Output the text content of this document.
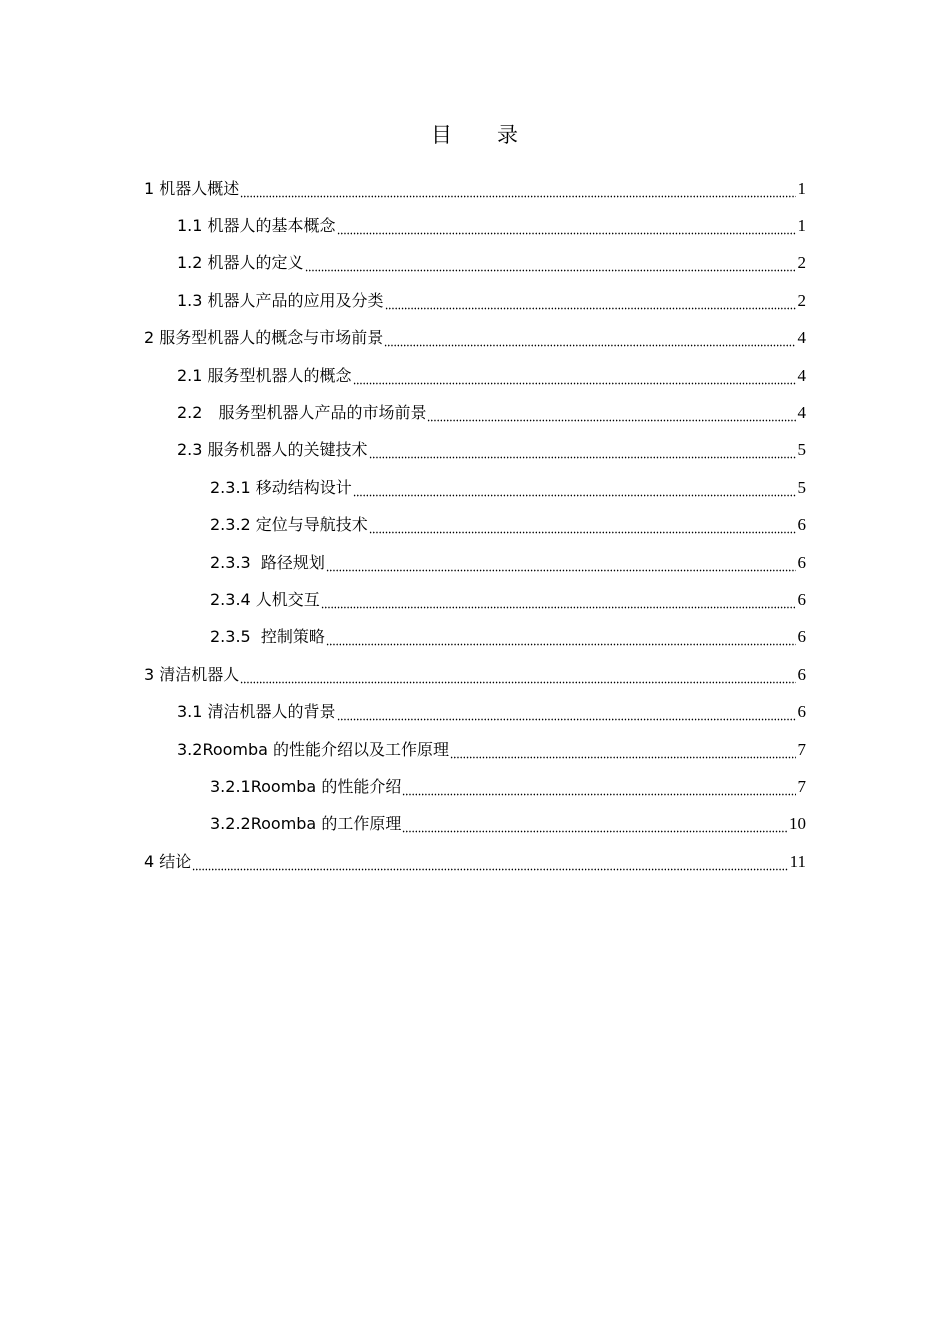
目 录
1 机器人概述	1
1.1 机器人的基本概念	1
1.2 机器人的定义	2
1.3 机器人产品的应用及分类	2
2 服务型机器人的概念与市场前景	4
2.1 服务型机器人的概念	4
2.2　服务型机器人产品的市场前景	4
2.3 服务机器人的关键技术	5
2.3.1 移动结构设计	5
2.3.2 定位与导航技术	6
2.3.3  路径规划	6
2.3.4 人机交互	6
2.3.5  控制策略	6
3 清洁机器人	6
3.1 清洁机器人的背景	6
3.2Roomba 的性能介绍以及工作原理	7
3.2.1Roomba 的性能介绍	7
3.2.2Roomba 的工作原理	10
4 结论	11
